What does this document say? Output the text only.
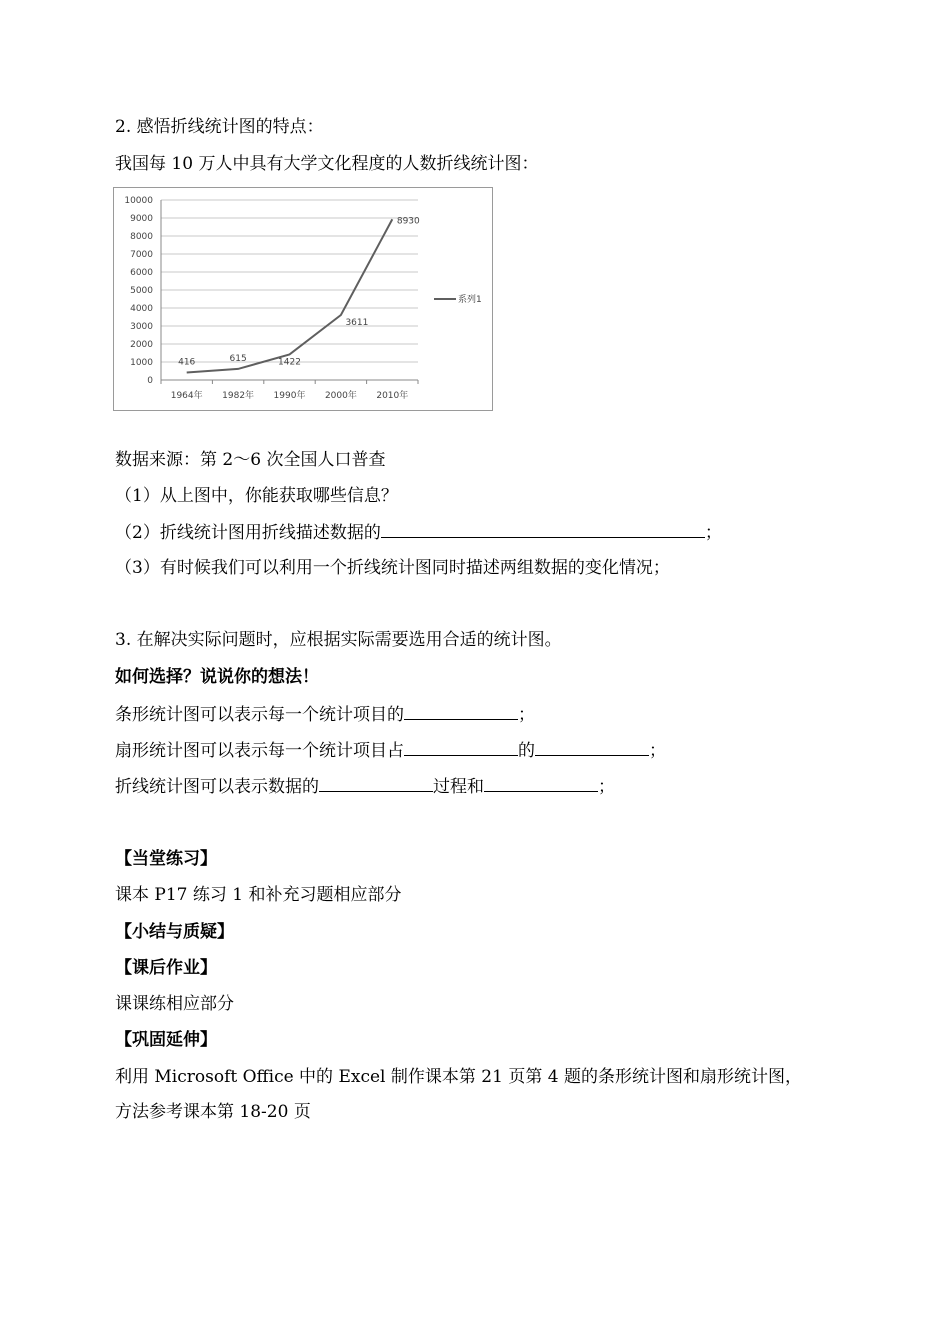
2. 感悟折线统计图的特点：
我国每 10 万人中具有大学文化程度的人数折线统计图：
0
1000
2000
3000
4000
5000
6000
7000
8000
9000
10000
1964年 1982年 1990年 2000年 2010年
416	615	1422
3611
8930
系列1
数据来源：第 2～6 次全国人口普查
（1）从上图中，你能获取哪些信息？
（2）折线统计图用折线描述数据的	；
（3）有时候我们可以利用一个折线统计图同时描述两组数据的变化情况；
3. 在解决实际问题时，应根据实际需要选用合适的统计图。
如何选择？说说你的想法！
条形统计图可以表示每一个统计项目的	；
扇形统计图可以表示每一个统计项目占	的	；
折线统计图可以表示数据的	过程和	；
【当堂练习】
课本 P17 练习 1 和补充习题相应部分
【小结与质疑】
【课后作业】
课课练相应部分
【巩固延伸】
利用 Microsoft Office 中的 Excel 制作课本第 21 页第 4 题的条形统计图和扇形统计图，
方法参考课本第 18-20 页
